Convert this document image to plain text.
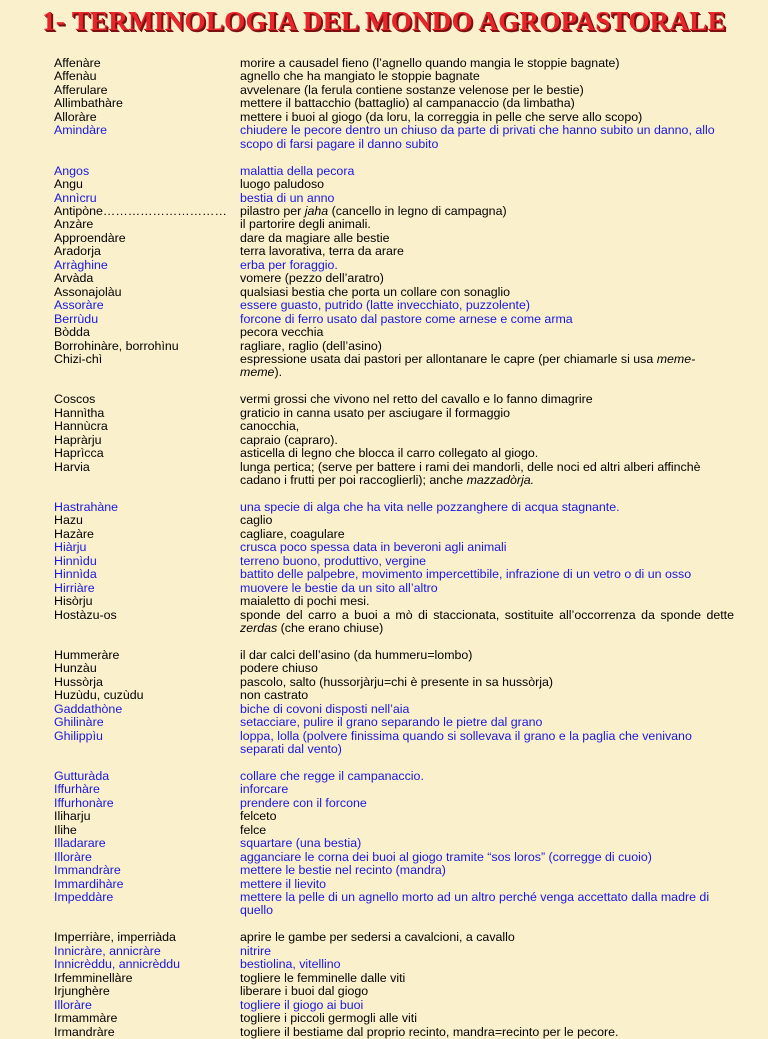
1- TERMINOLOGIA DEL MONDO AGROPASTORALE
Affenàre	morire a causadel fieno (l’agnello quando mangia le stoppie bagnate)
Affenàu	agnello che ha mangiato le stoppie bagnate
Afferulare	avvelenare (la ferula contiene sostanze velenose per le bestie)
Allimbathàre	mettere il battacchio (battaglio) al campanaccio (da limbatha)
Alloràre	mettere i buoi al giogo (da loru, la correggia in pelle che serve allo scopo)
Amindàre	chiudere le pecore dentro un chiuso da parte di privati che hanno subito un danno, allo scopo di farsi pagare il danno subito
Angos	malattia della pecora
Angu	luogo paludoso
Annìcru	bestia di un anno
Antipòne…………………………	pilastro per jaha (cancello in legno di campagna)
Anzàre	il partorire degli animali.
Approendàre	dare da magiare alle bestie
Aradorja	terra lavorativa, terra da arare
Arràghine	erba per foraggio.
Arvàda	vomere (pezzo dell’aratro)
Assonajolàu	qualsiasi bestia che porta un collare con sonaglio
Assoràre	essere guasto, putrido (latte invecchiato, puzzolente)
Berrùdu	forcone di ferro usato dal pastore come arnese e come arma
Bòdda	pecora vecchia
Borrohinàre, borrohìnu	ragliare, raglio (dell’asino)
Chizi-chì	espressione usata dai pastori per allontanare le capre (per chiamarle si usa meme-meme).
Coscos	vermi grossi che vivono nel retto del cavallo e lo fanno dimagrire
Hannìtha	graticio in canna usato per asciugare il formaggio
Hannùcra	canocchia,
Hapràrju	capraio (capraro).
Haprìcca	asticella di legno che blocca il carro collegato al giogo.
Harvia	lunga pertica; (serve per battere i rami dei mandorli, delle noci ed altri alberi affinchè cadano i frutti per poi raccoglierli); anche mazzadòrja.
Hastrahàne	una specie di alga che ha vita nelle pozzanghere di acqua stagnante.
Hazu	caglio
Hazàre	cagliare, coagulare
Hiàrju	crusca poco spessa data in beveroni agli animali
Hinnìdu	terreno buono, produttivo, vergine
Hinnìda	battito delle palpebre, movimento impercettibile, infrazione di un vetro o di un osso
Hirriàre	muovere le bestie da un sito all’altro
Hisòrju	maialetto di pochi mesi.
Hostàzu-os	sponde del carro a buoi a mò di staccionata, sostituite all’occorrenza da sponde dette zerdas (che erano chiuse)
Hummeràre	il dar calci dell’asino (da hummeru=lombo)
Hunzàu	podere chiuso
Hussòrja	pascolo, salto (hussorjàrju=chi è presente in sa hussòrja)
Huzùdu, cuzùdu	non castrato
Gaddathòne	biche di covoni disposti nell’aia
Ghilinàre	setacciare, pulire il grano separando le pietre dal grano
Ghilippìu	loppa, lolla (polvere finissima quando si sollevava il grano e la paglia che venivano separati dal vento)
Gutturàda	collare che regge il campanaccio.
Iffurhàre	inforcare
Iffurhonàre	prendere con il forcone
Iliharju	felceto
Ilihe	felce
Illadarare	squartare (una bestia)
Illoràre	agganciare le corna dei buoi al giogo tramite “sos loros” (corregge di cuoio)
Immandràre	mettere le bestie nel recinto (mandra)
Immardihàre	mettere il lievito
Impeddàre	mettere la pelle di un agnello morto ad un altro perché venga accettato dalla madre di quello
Imperriàre, imperriàda	aprire le gambe per sedersi a cavalcioni, a cavallo
Innicràre, annicràre	nitrire
Innicrèddu, annicrèddu	bestiolina, vitellino
Irfemminellàre	togliere le femminelle dalle viti
Irjunghère	liberare i buoi dal giogo
Illoràre	togliere il giogo ai buoi
Irmammàre	togliere i piccoli germogli alle viti
Irmandràre	togliere il bestiame dal proprio recinto, mandra=recinto per le pecore.
